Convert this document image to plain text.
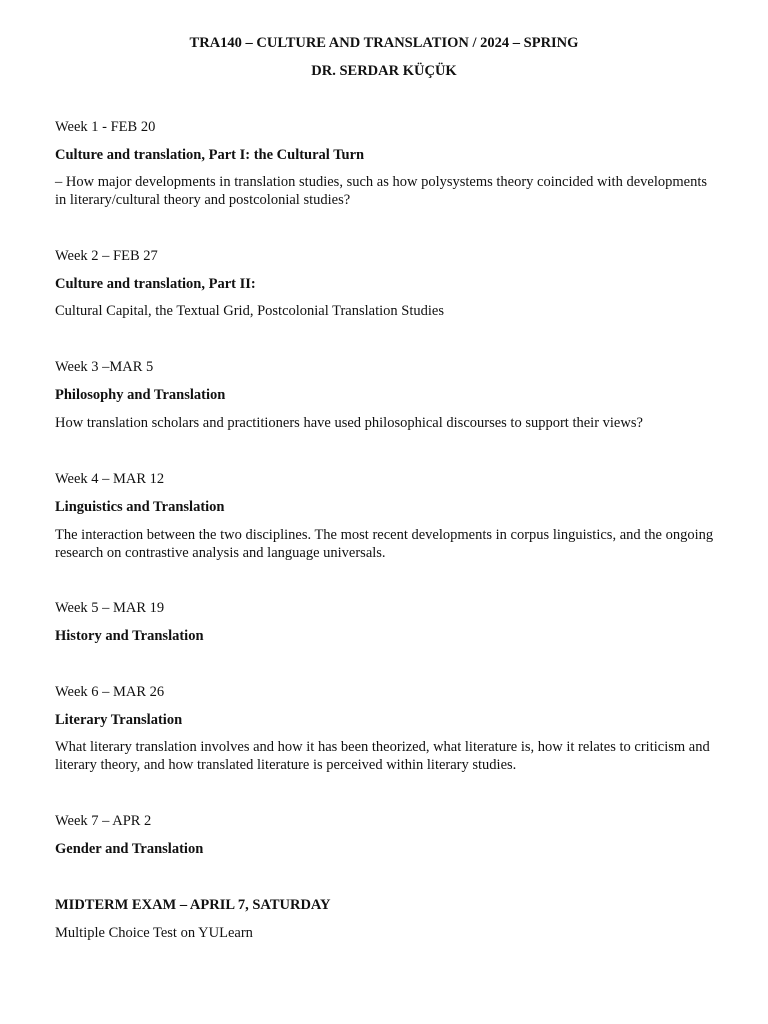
TRA140 – CULTURE AND TRANSLATION / 2024 – SPRING
DR. SERDAR KÜÇÜK
Week 1 - FEB 20
Culture and translation, Part I: the Cultural Turn
– How major developments in translation studies, such as how polysystems theory coincided with developments in literary/cultural theory and postcolonial studies?
Week 2 – FEB 27
Culture and translation, Part II:
Cultural Capital, the Textual Grid, Postcolonial Translation Studies
Week 3 –MAR 5
Philosophy and Translation
How translation scholars and practitioners have used philosophical discourses to support their views?
Week 4 – MAR 12
Linguistics and Translation
The interaction between the two disciplines. The most recent developments in corpus linguistics, and the ongoing research on contrastive analysis and language universals.
Week 5 – MAR 19
History and Translation
Week 6 – MAR 26
Literary Translation
What literary translation involves and how it has been theorized, what literature is, how it relates to criticism and literary theory, and how translated literature is perceived within literary studies.
Week 7 – APR 2
Gender and Translation
MIDTERM EXAM – APRIL 7, SATURDAY
Multiple Choice Test on YULearn
